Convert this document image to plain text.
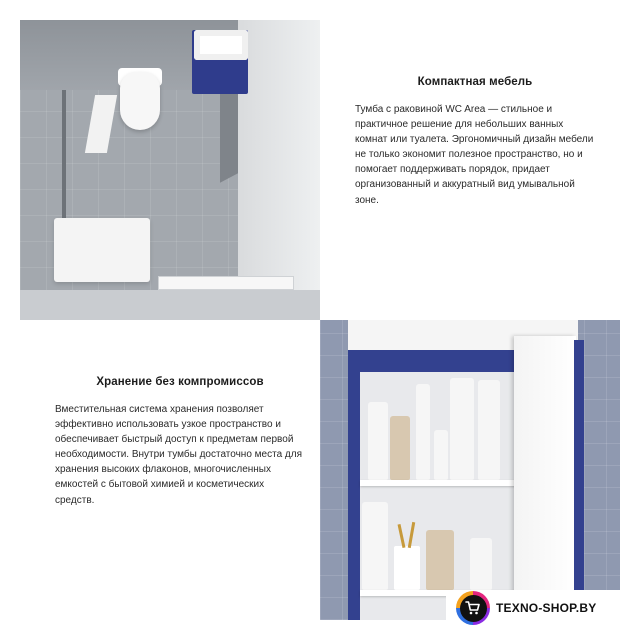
Компактная мебель
Тумба с раковиной WC Area — стильное и практичное решение для небольших ванных комнат или туалета. Эргономичный дизайн мебели не только экономит полезное пространство, но и помогает поддерживать порядок, придает организованный и аккуратный вид умывальной зоне.
Хранение без компромиссов
Вместительная система хранения позволяет эффективно использовать узкое пространство и обеспечивает быстрый доступ к предметам первой необходимости. Внутри тумбы достаточно места для хранения высоких флаконов, многочисленных емкостей с бытовой химией и косметических средств.
TEXNO-SHOP.BY
